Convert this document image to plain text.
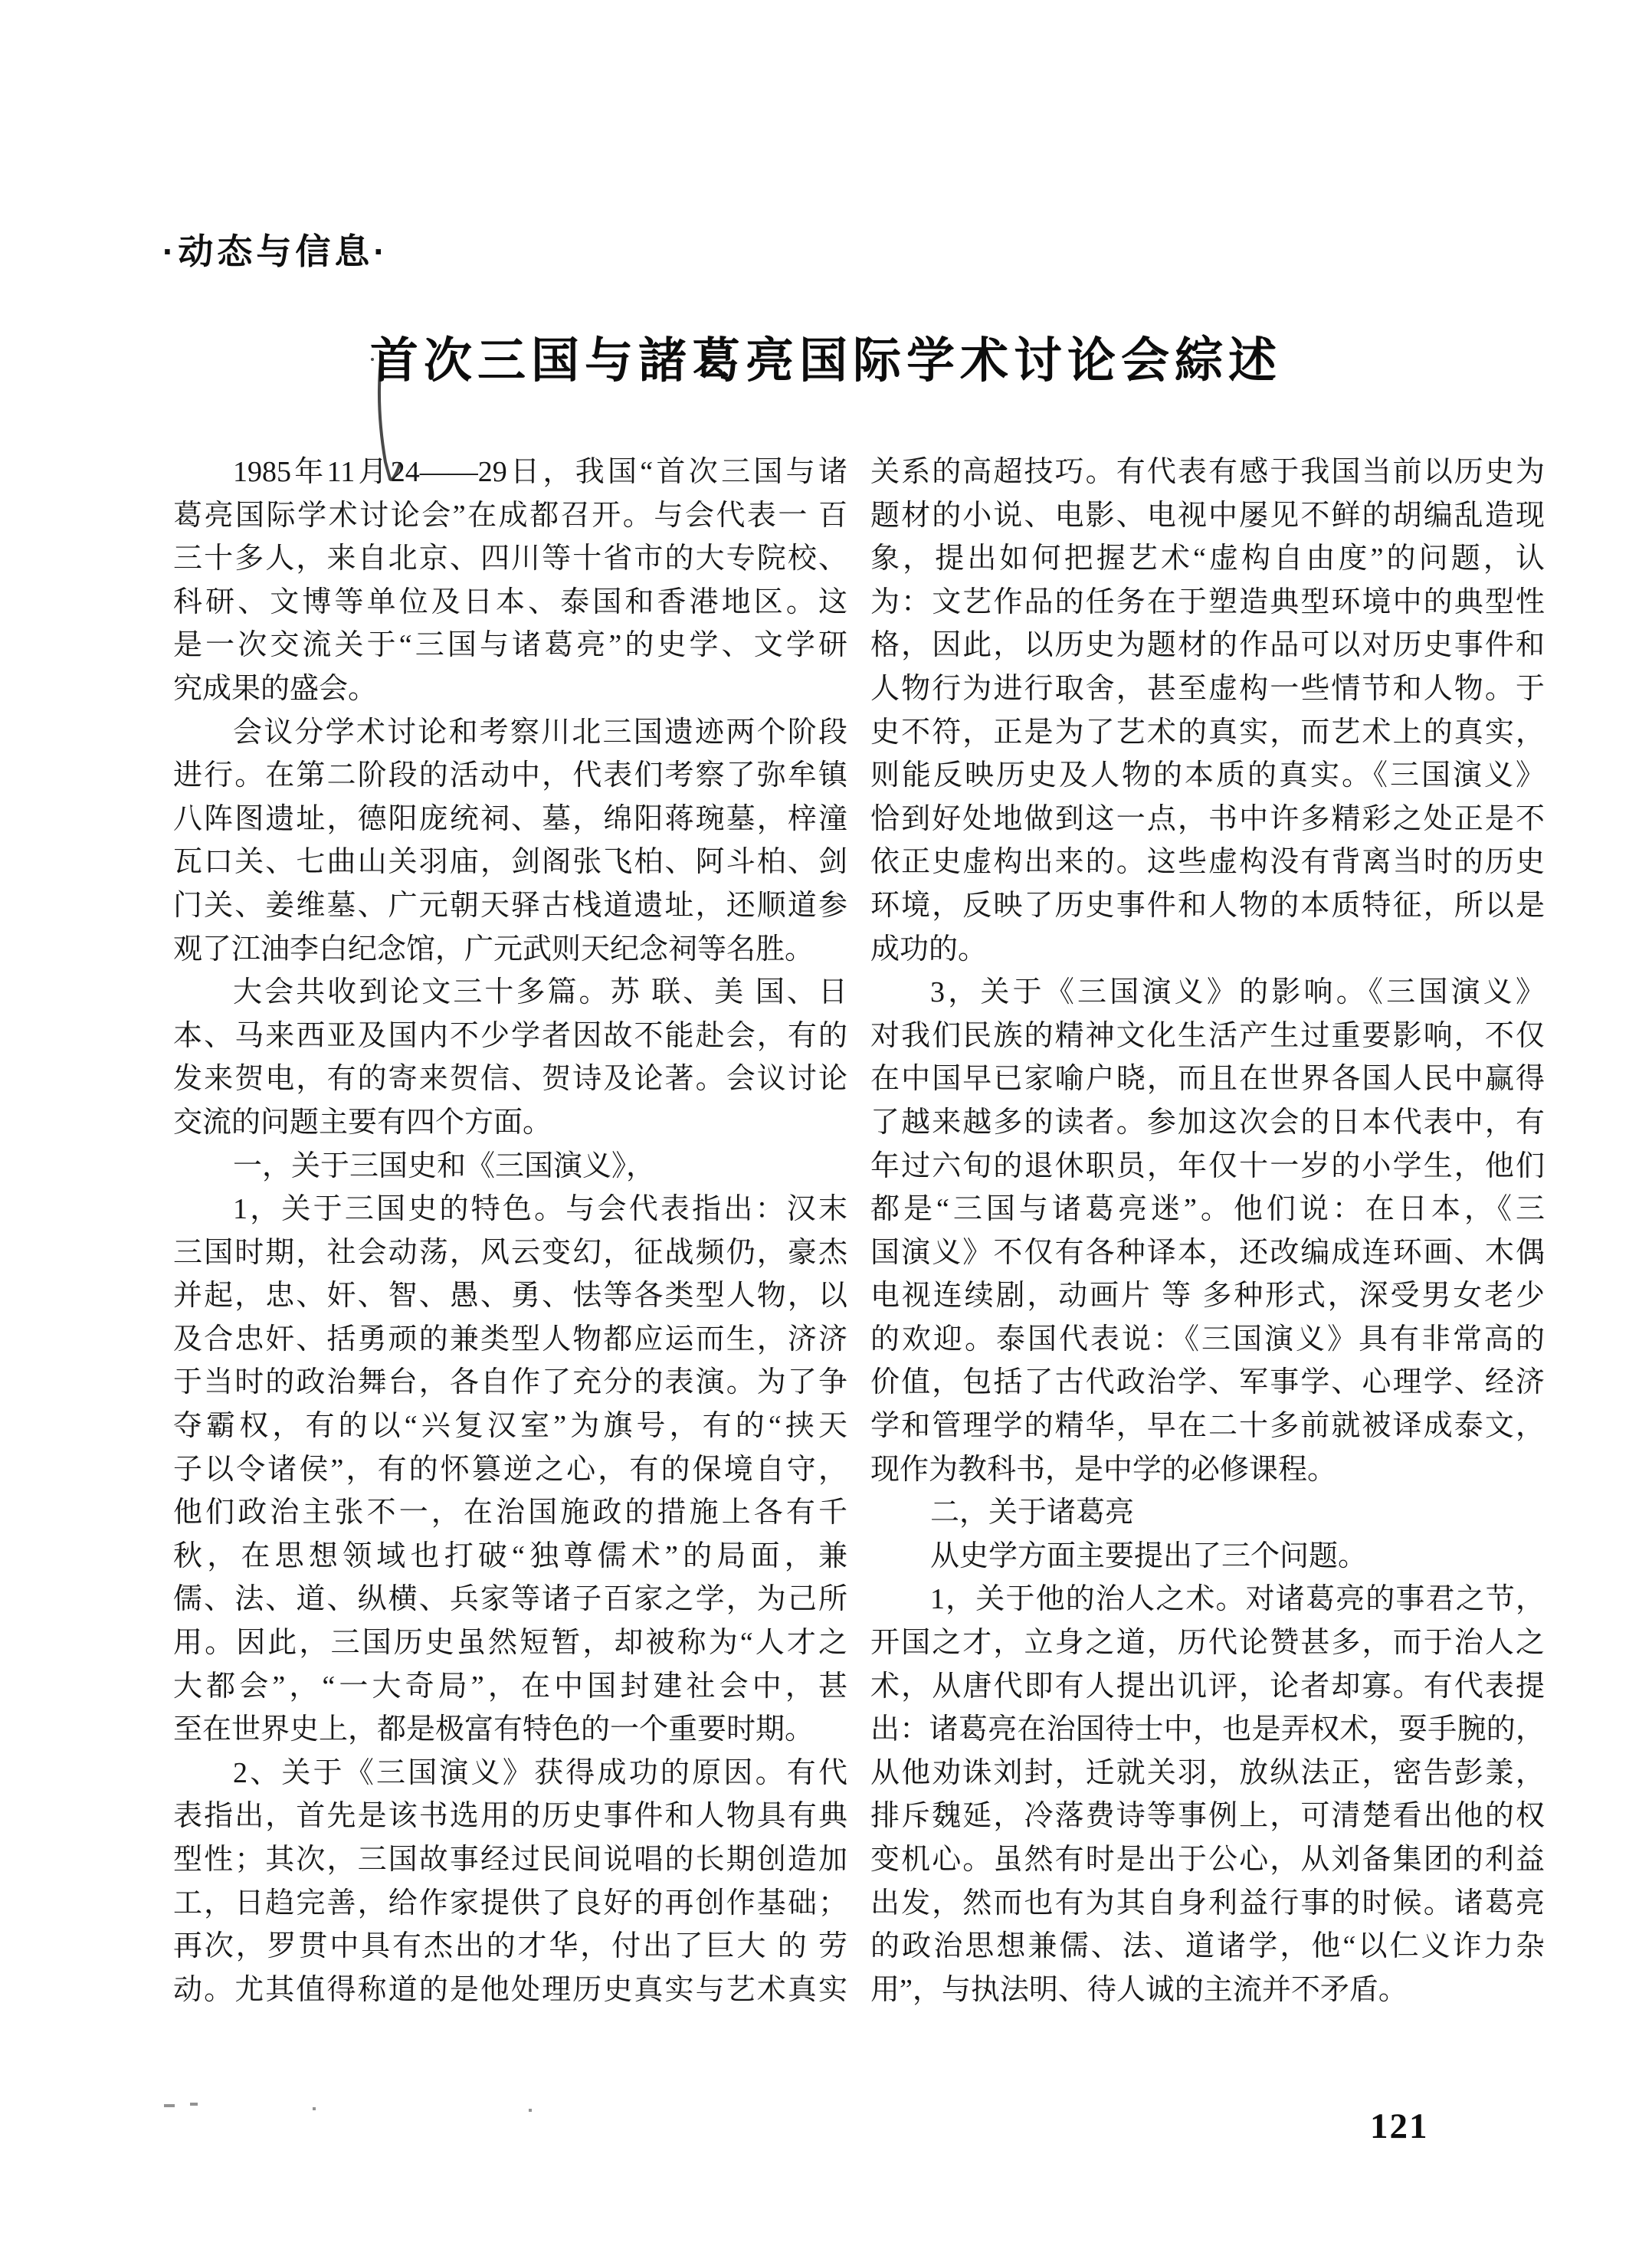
·动态与信息·
首次三国与諸葛亮国际学术讨论会綜述
1985年11月24——29日，我国“首次三国与诸
葛亮国际学术讨论会”在成都召开。与会代表一 百
三十多人，来自北京、四川等十省市的大专院校、
科研、文博等单位及日本、泰国和香港地区。这
是一次交流关于“三国与诸葛亮”的史学、文学研
究成果的盛会。
会议分学术讨论和考察川北三国遗迹两个阶段
进行。在第二阶段的活动中，代表们考察了弥牟镇
八阵图遗址，德阳庞统祠、墓，绵阳蒋琬墓，梓潼
瓦口关、七曲山关羽庙，剑阁张飞柏、阿斗柏、剑
门关、姜维墓、广元朝天驿古栈道遗址，还顺道参
观了江油李白纪念馆，广元武则天纪念祠等名胜。
大会共收到论文三十多篇。苏 联、美 国、日
本、马来西亚及国内不少学者因故不能赴会，有的
发来贺电，有的寄来贺信、贺诗及论著。会议讨论
交流的问题主要有四个方面。
一，关于三国史和《三国演义》，
1，关于三国史的特色。与会代表指出：汉末
三国时期，社会动荡，风云变幻，征战频仍，豪杰
并起，忠、奸、智、愚、勇、怯等各类型人物，以
及合忠奸、括勇顽的兼类型人物都应运而生，济济
于当时的政治舞台，各自作了充分的表演。为了争
夺霸权，有的以“兴复汉室”为旗号，有的“挟天
子以令诸侯”，有的怀篡逆之心，有的保境自守，
他们政治主张不一，在治国施政的措施上各有千
秋，在思想领域也打破“独尊儒术”的局面，兼
儒、法、道、纵横、兵家等诸子百家之学，为己所
用。因此，三国历史虽然短暂，却被称为“人才之
大都会”，“一大奇局”，在中国封建社会中，甚
至在世界史上，都是极富有特色的一个重要时期。
2、关于《三国演义》获得成功的原因。有代
表指出，首先是该书选用的历史事件和人物具有典
型性；其次，三国故事经过民间说唱的长期创造加
工，日趋完善，给作家提供了良好的再创作基础；
再次，罗贯中具有杰出的才华，付出了巨大 的 劳
动。尤其值得称道的是他处理历史真实与艺术真实
关系的高超技巧。有代表有感于我国当前以历史为
题材的小说、电影、电视中屡见不鲜的胡编乱造现
象，提出如何把握艺术“虚构自由度”的问题，认
为：文艺作品的任务在于塑造典型环境中的典型性
格，因此，以历史为题材的作品可以对历史事件和
人物行为进行取舍，甚至虚构一些情节和人物。于
史不符，正是为了艺术的真实，而艺术上的真实，
则能反映历史及人物的本质的真实。《三国演义》
恰到好处地做到这一点，书中许多精彩之处正是不
依正史虚构出来的。这些虚构没有背离当时的历史
环境，反映了历史事件和人物的本质特征，所以是
成功的。
3，关于《三国演义》的影响。《三国演义》
对我们民族的精神文化生活产生过重要影响，不仅
在中国早已家喻户晓，而且在世界各国人民中赢得
了越来越多的读者。参加这次会的日本代表中，有
年过六旬的退休职员，年仅十一岁的小学生，他们
都是“三国与诸葛亮迷”。他们说：在日本，《三
国演义》不仅有各种译本，还改编成连环画、木偶
电视连续剧，动画片 等 多种形式，深受男女老少
的欢迎。泰国代表说：《三国演义》具有非常高的
价值，包括了古代政治学、军事学、心理学、经济
学和管理学的精华，早在二十多前就被译成泰文，
现作为教科书，是中学的必修课程。
二，关于诸葛亮
从史学方面主要提出了三个问题。
1，关于他的治人之术。对诸葛亮的事君之节，
开国之才，立身之道，历代论赞甚多，而于治人之
术，从唐代即有人提出讥评，论者却寡。有代表提
出：诸葛亮在治国待士中，也是弄权术，耍手腕的，
从他劝诛刘封，迁就关羽，放纵法正，密告彭羕，
排斥魏延，冷落费诗等事例上，可清楚看出他的权
变机心。虽然有时是出于公心，从刘备集团的利益
出发，然而也有为其自身利益行事的时候。诸葛亮
的政治思想兼儒、法、道诸学，他“以仁义诈力杂
用”，与执法明、待人诚的主流并不矛盾。
121
